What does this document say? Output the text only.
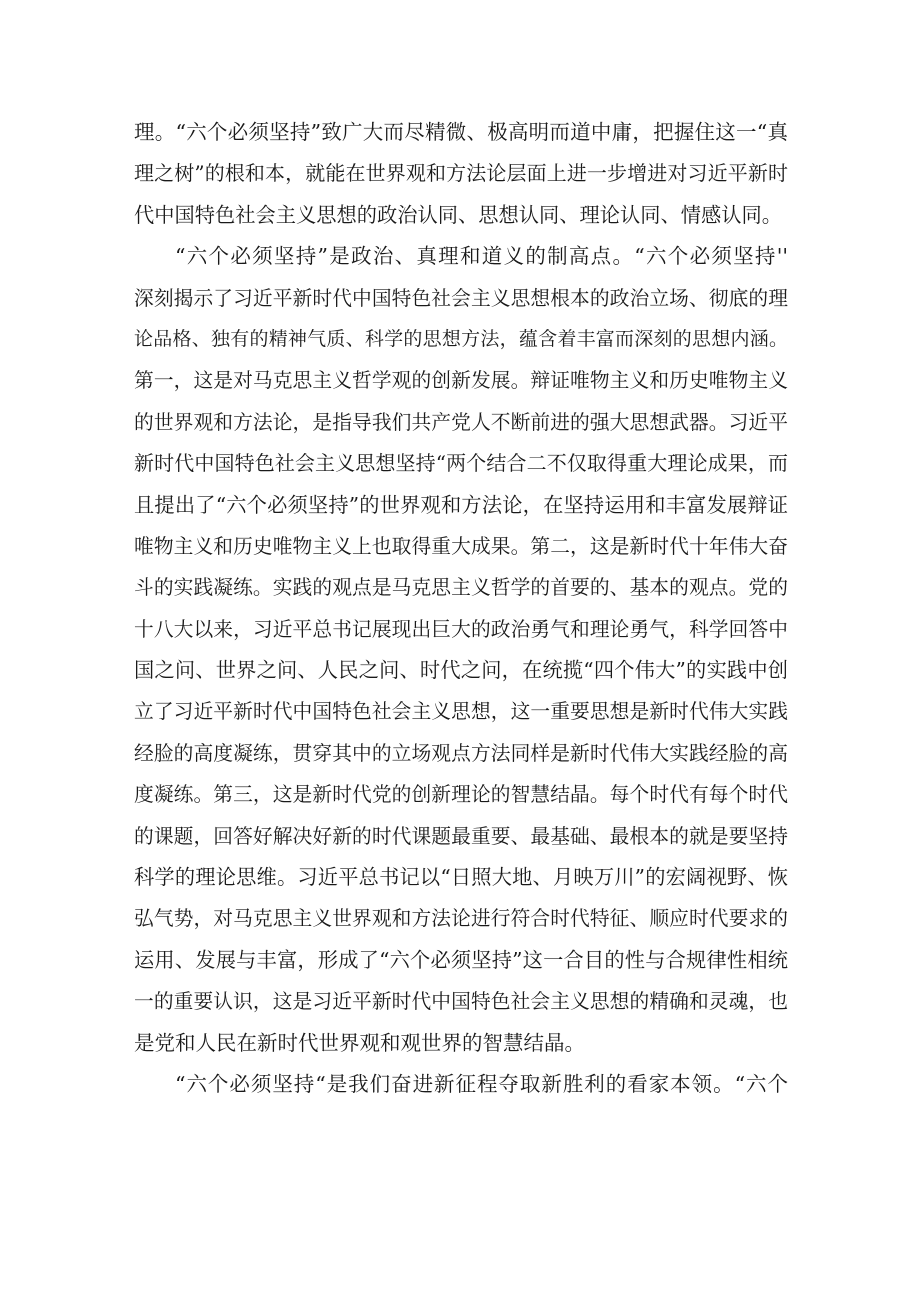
理。“六个必须坚持”致广大而尽精微、极高明而道中庸，把握住这一“真
理之树”的根和本，就能在世界观和方法论层面上进一步增进对习近平新时
代中国特色社会主义思想的政治认同、思想认同、理论认同、情感认同。
“六个必须坚持”是政治、真理和道义的制高点。“六个必须坚持''
深刻揭示了习近平新时代中国特色社会主义思想根本的政治立场、彻底的理
论品格、独有的精神气质、科学的思想方法，蕴含着丰富而深刻的思想内涵。
第一，这是对马克思主义哲学观的创新发展。辩证唯物主义和历史唯物主义
的世界观和方法论，是指导我们共产党人不断前进的强大思想武器。习近平
新时代中国特色社会主义思想坚持“两个结合二不仅取得重大理论成果，而
且提出了“六个必须坚持”的世界观和方法论，在坚持运用和丰富发展辩证
唯物主义和历史唯物主义上也取得重大成果。第二，这是新时代十年伟大奋
斗的实践凝练。实践的观点是马克思主义哲学的首要的、基本的观点。党的
十八大以来，习近平总书记展现出巨大的政治勇气和理论勇气，科学回答中
国之问、世界之问、人民之问、时代之问，在统揽“四个伟大”的实践中创
立了习近平新时代中国特色社会主义思想，这一重要思想是新时代伟大实践
经脸的高度凝练，贯穿其中的立场观点方法同样是新时代伟大实践经脸的高
度凝练。第三，这是新时代党的创新理论的智慧结晶。每个时代有每个时代
的课题，回答好解决好新的时代课题最重要、最基础、最根本的就是要坚持
科学的理论思维。习近平总书记以“日照大地、月映万川”的宏阔视野、恢
弘气势，对马克思主义世界观和方法论进行符合时代特征、顺应时代要求的
运用、发展与丰富，形成了“六个必须坚持”这一合目的性与合规律性相统
一的重要认识，这是习近平新时代中国特色社会主义思想的精确和灵魂，也
是党和人民在新时代世界观和观世界的智慧结晶。
“六个必须坚持“是我们奋进新征程夺取新胜利的看家本领。“六个
